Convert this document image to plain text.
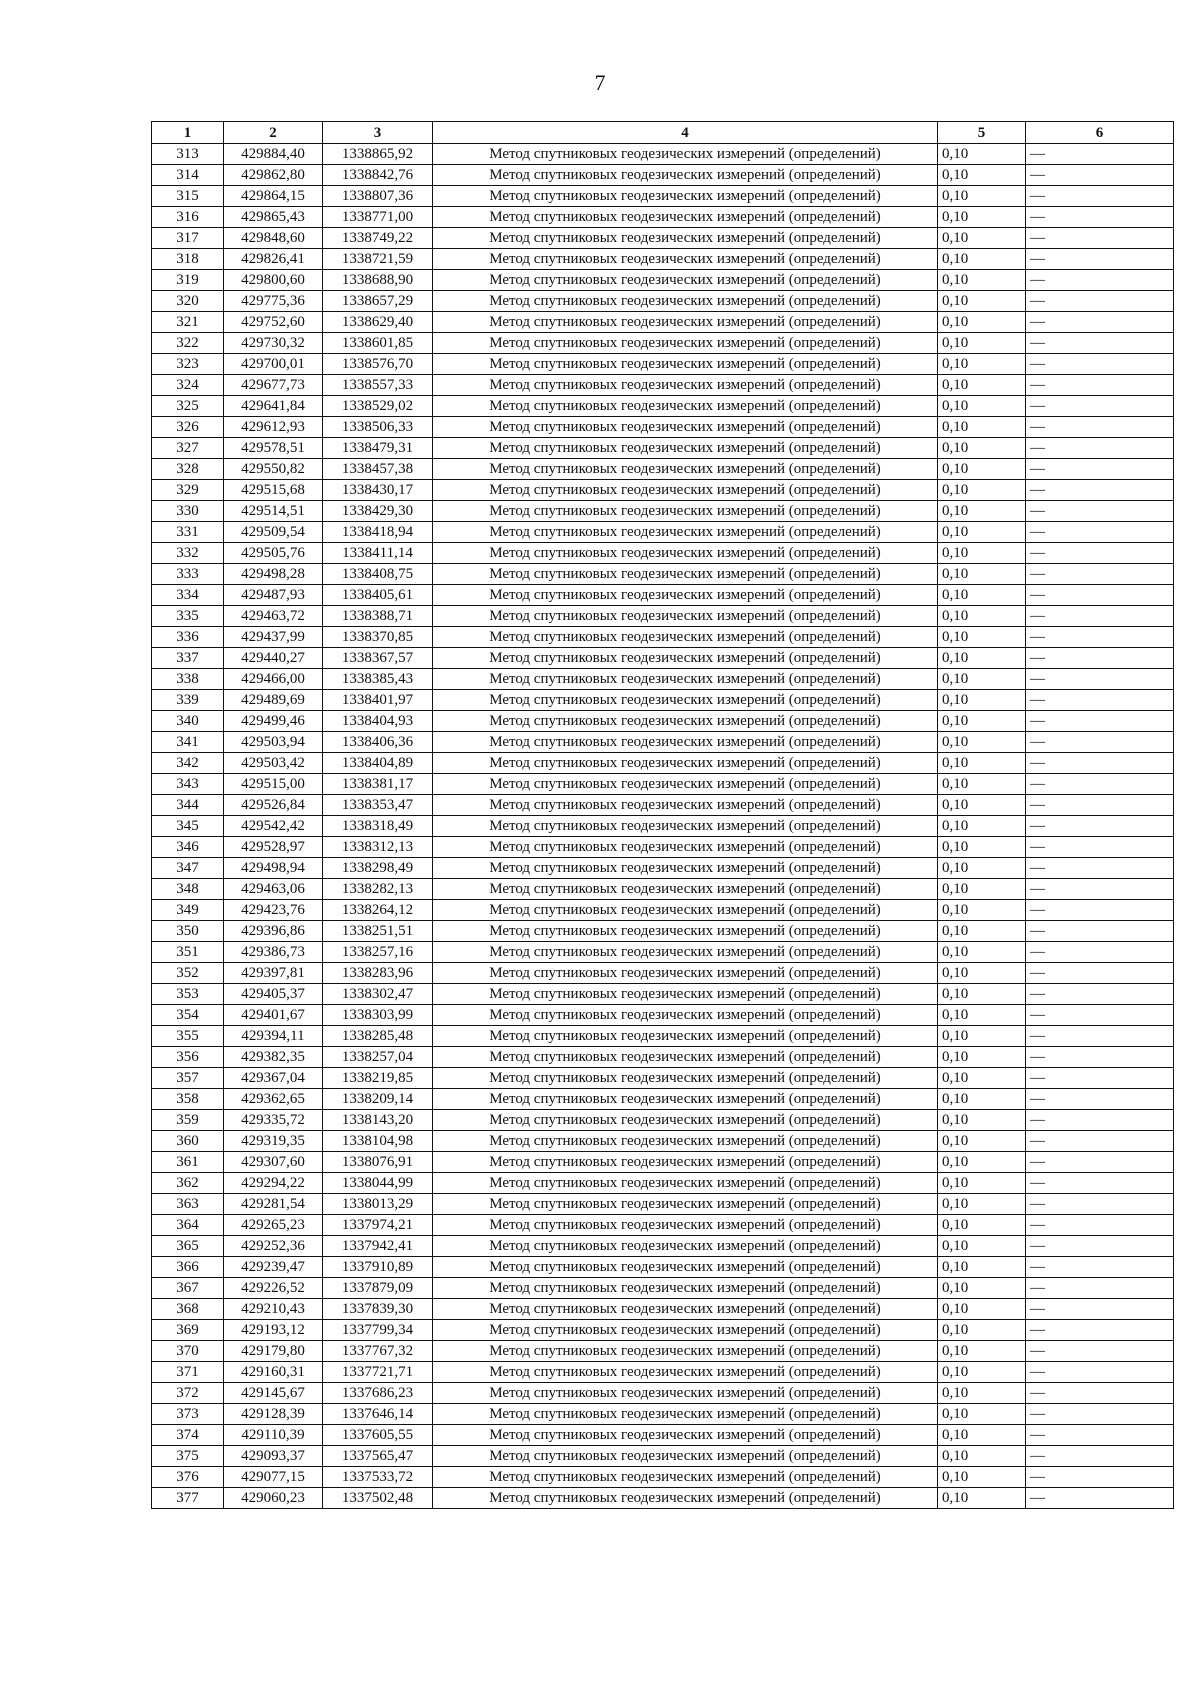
7
1	2	3	4	5	6
313	429884,40	1338865,92	Метод спутниковых геодезических измерений (определений)	0,10	—
314	429862,80	1338842,76	Метод спутниковых геодезических измерений (определений)	0,10	—
315	429864,15	1338807,36	Метод спутниковых геодезических измерений (определений)	0,10	—
316	429865,43	1338771,00	Метод спутниковых геодезических измерений (определений)	0,10	—
317	429848,60	1338749,22	Метод спутниковых геодезических измерений (определений)	0,10	—
318	429826,41	1338721,59	Метод спутниковых геодезических измерений (определений)	0,10	—
319	429800,60	1338688,90	Метод спутниковых геодезических измерений (определений)	0,10	—
320	429775,36	1338657,29	Метод спутниковых геодезических измерений (определений)	0,10	—
321	429752,60	1338629,40	Метод спутниковых геодезических измерений (определений)	0,10	—
322	429730,32	1338601,85	Метод спутниковых геодезических измерений (определений)	0,10	—
323	429700,01	1338576,70	Метод спутниковых геодезических измерений (определений)	0,10	—
324	429677,73	1338557,33	Метод спутниковых геодезических измерений (определений)	0,10	—
325	429641,84	1338529,02	Метод спутниковых геодезических измерений (определений)	0,10	—
326	429612,93	1338506,33	Метод спутниковых геодезических измерений (определений)	0,10	—
327	429578,51	1338479,31	Метод спутниковых геодезических измерений (определений)	0,10	—
328	429550,82	1338457,38	Метод спутниковых геодезических измерений (определений)	0,10	—
329	429515,68	1338430,17	Метод спутниковых геодезических измерений (определений)	0,10	—
330	429514,51	1338429,30	Метод спутниковых геодезических измерений (определений)	0,10	—
331	429509,54	1338418,94	Метод спутниковых геодезических измерений (определений)	0,10	—
332	429505,76	1338411,14	Метод спутниковых геодезических измерений (определений)	0,10	—
333	429498,28	1338408,75	Метод спутниковых геодезических измерений (определений)	0,10	—
334	429487,93	1338405,61	Метод спутниковых геодезических измерений (определений)	0,10	—
335	429463,72	1338388,71	Метод спутниковых геодезических измерений (определений)	0,10	—
336	429437,99	1338370,85	Метод спутниковых геодезических измерений (определений)	0,10	—
337	429440,27	1338367,57	Метод спутниковых геодезических измерений (определений)	0,10	—
338	429466,00	1338385,43	Метод спутниковых геодезических измерений (определений)	0,10	—
339	429489,69	1338401,97	Метод спутниковых геодезических измерений (определений)	0,10	—
340	429499,46	1338404,93	Метод спутниковых геодезических измерений (определений)	0,10	—
341	429503,94	1338406,36	Метод спутниковых геодезических измерений (определений)	0,10	—
342	429503,42	1338404,89	Метод спутниковых геодезических измерений (определений)	0,10	—
343	429515,00	1338381,17	Метод спутниковых геодезических измерений (определений)	0,10	—
344	429526,84	1338353,47	Метод спутниковых геодезических измерений (определений)	0,10	—
345	429542,42	1338318,49	Метод спутниковых геодезических измерений (определений)	0,10	—
346	429528,97	1338312,13	Метод спутниковых геодезических измерений (определений)	0,10	—
347	429498,94	1338298,49	Метод спутниковых геодезических измерений (определений)	0,10	—
348	429463,06	1338282,13	Метод спутниковых геодезических измерений (определений)	0,10	—
349	429423,76	1338264,12	Метод спутниковых геодезических измерений (определений)	0,10	—
350	429396,86	1338251,51	Метод спутниковых геодезических измерений (определений)	0,10	—
351	429386,73	1338257,16	Метод спутниковых геодезических измерений (определений)	0,10	—
352	429397,81	1338283,96	Метод спутниковых геодезических измерений (определений)	0,10	—
353	429405,37	1338302,47	Метод спутниковых геодезических измерений (определений)	0,10	—
354	429401,67	1338303,99	Метод спутниковых геодезических измерений (определений)	0,10	—
355	429394,11	1338285,48	Метод спутниковых геодезических измерений (определений)	0,10	—
356	429382,35	1338257,04	Метод спутниковых геодезических измерений (определений)	0,10	—
357	429367,04	1338219,85	Метод спутниковых геодезических измерений (определений)	0,10	—
358	429362,65	1338209,14	Метод спутниковых геодезических измерений (определений)	0,10	—
359	429335,72	1338143,20	Метод спутниковых геодезических измерений (определений)	0,10	—
360	429319,35	1338104,98	Метод спутниковых геодезических измерений (определений)	0,10	—
361	429307,60	1338076,91	Метод спутниковых геодезических измерений (определений)	0,10	—
362	429294,22	1338044,99	Метод спутниковых геодезических измерений (определений)	0,10	—
363	429281,54	1338013,29	Метод спутниковых геодезических измерений (определений)	0,10	—
364	429265,23	1337974,21	Метод спутниковых геодезических измерений (определений)	0,10	—
365	429252,36	1337942,41	Метод спутниковых геодезических измерений (определений)	0,10	—
366	429239,47	1337910,89	Метод спутниковых геодезических измерений (определений)	0,10	—
367	429226,52	1337879,09	Метод спутниковых геодезических измерений (определений)	0,10	—
368	429210,43	1337839,30	Метод спутниковых геодезических измерений (определений)	0,10	—
369	429193,12	1337799,34	Метод спутниковых геодезических измерений (определений)	0,10	—
370	429179,80	1337767,32	Метод спутниковых геодезических измерений (определений)	0,10	—
371	429160,31	1337721,71	Метод спутниковых геодезических измерений (определений)	0,10	—
372	429145,67	1337686,23	Метод спутниковых геодезических измерений (определений)	0,10	—
373	429128,39	1337646,14	Метод спутниковых геодезических измерений (определений)	0,10	—
374	429110,39	1337605,55	Метод спутниковых геодезических измерений (определений)	0,10	—
375	429093,37	1337565,47	Метод спутниковых геодезических измерений (определений)	0,10	—
376	429077,15	1337533,72	Метод спутниковых геодезических измерений (определений)	0,10	—
377	429060,23	1337502,48	Метод спутниковых геодезических измерений (определений)	0,10	—
